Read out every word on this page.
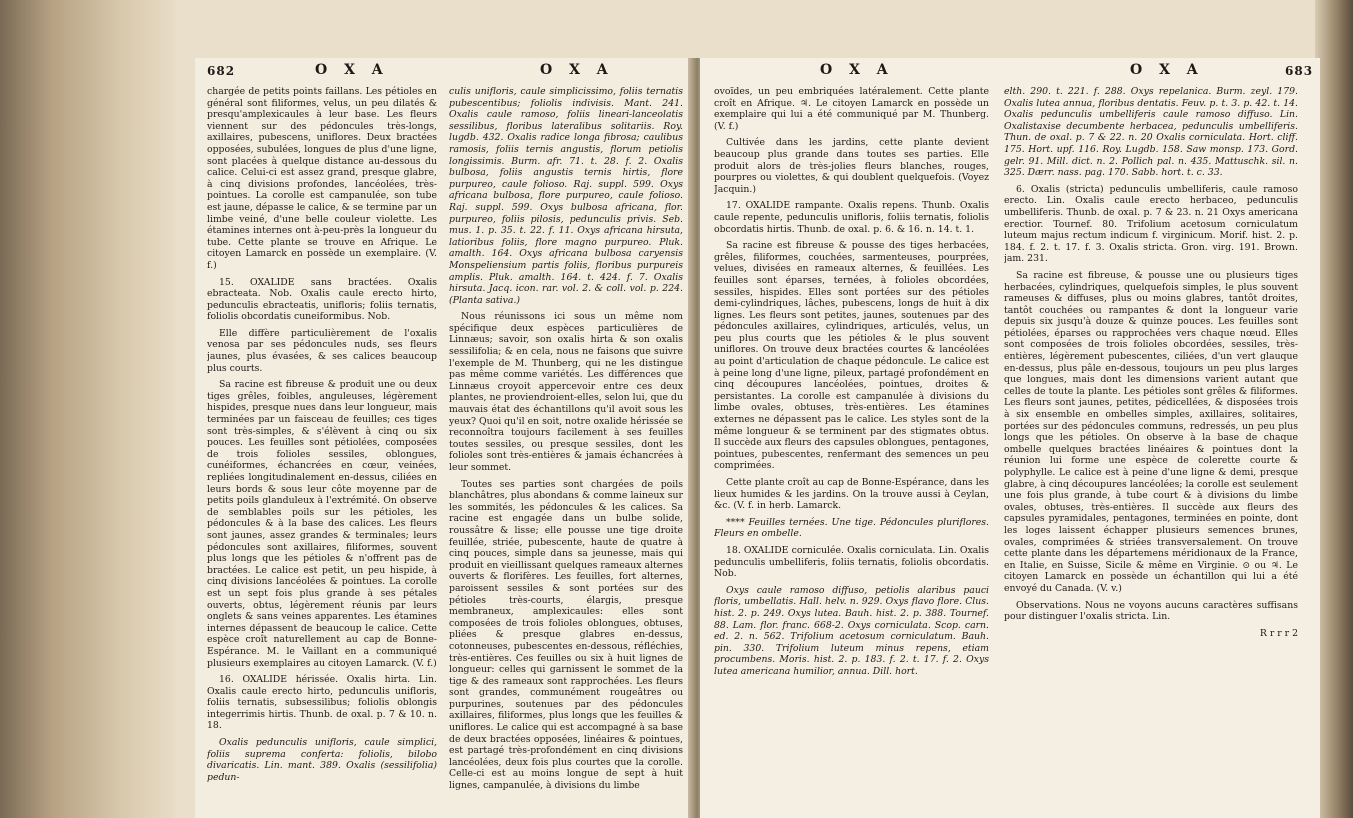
682	O X A	O X A

chargée de petits points faillans. Les pétioles en général sont filiformes, velus, un peu dilatés & presqu'amplexicaules à leur base. Les fleurs viennent sur des pédoncules très-longs, axillaires, pubescens, uniflores. Deux bractées opposées, subulées, longues de plus d'une ligne, sont placées à quelque distance au-dessous du calice. Celui-ci est assez grand, presque glabre, à cinq divisions profondes, lancéolées, très-pointues. La corolle est campanulée, son tube est jaune, dépasse le calice, & se termine par un limbe veiné, d'une belle couleur violette. Les étamines internes ont à-peu-près la longueur du tube. Cette plante se trouve en Afrique. Le citoyen Lamarck en possède un exemplaire. (V. f.)

15. OXALIDE sans bractées. Oxalis ebracteata. Nob. Oxalis caule erecto hirto, pedunculis ebracteatis, unifloris; foliis ternatis, foliolis obcordatis cuneiformibus. Nob.

Elle diffère particulièrement de l'oxalis venosa par ses pédoncules nuds, ses fleurs jaunes, plus évasées, & ses calices beaucoup plus courts.

Sa racine est fibreuse & produit une ou deux tiges grêles, foibles, anguleuses, légèrement hispides, presque nues dans leur longueur, mais terminées par un faisceau de feuilles; ces tiges sont très-simples, & s'élèvent à cinq ou six pouces. Les feuilles sont pétiolées, composées de trois folioles sessiles, oblongues, cunéiformes, échancrées en cœur, veinées, repliées longitudinalement en-dessus, ciliées en leurs bords & sous leur côte moyenne par de petits poils glanduleux à l'extrémité. On observe de semblables poils sur les pétioles, les pédoncules & à la base des calices. Les fleurs sont jaunes, assez grandes & terminales; leurs pédoncules sont axillaires, filiformes, souvent plus longs que les pétioles & n'offrent pas de bractées. Le calice est petit, un peu hispide, à cinq divisions lancéolées & pointues. La corolle est un sept fois plus grande à ses pétales ouverts, obtus, légèrement réunis par leurs onglets & sans veines apparentes. Les étamines internes dépassent de beaucoup le calice. Cette espèce croît naturellement au cap de Bonne-Espérance. M. le Vaillant en a communiqué plusieurs exemplaires au citoyen Lamarck. (V. f.)

16. OXALIDE hérissée. Oxalis hirta. Lin. Oxalis caule erecto hirto, pedunculis unifloris, foliis ternatis, subsessilibus; foliolis oblongis integerrimis hirtis. Thunb. de oxal. p. 7 & 10. n. 18.

Oxalis pedunculis unifloris, caule simplici, foliis suprema conferta: foliolis, bilobo divaricatis. Lin. mant. 389. Oxalis (sessilifolia) pedun-

culis unifloris, caule simplicissimo, foliis ternatis pubescentibus; foliolis indivisis. Mant. 241. Oxalis caule ramoso, foliis lineari-lanceolatis sessilibus, floribus lateralibus solitariis. Roy. lugdb. 432. Oxalis radice longa fibrosa; caulibus ramosis, foliis ternis angustis, florum petiolis longissimis. Burm. afr. 71. t. 28. f. 2. Oxalis bulbosa, foliis angustis ternis hirtis, flore purpureo, caule folioso. Raj. suppl. 599. Oxys africana bulbosa, flore purpureo, caule folioso. Raj. suppl. 599. Oxys bulbosa africana, flor. purpureo, foliis pilosis, pedunculis privis. Seb. mus. 1. p. 35. t. 22. f. 11. Oxys africana hirsuta, latioribus foliis, flore magno purpureo. Pluk. amalth. 164. Oxys africana bulbosa caryensis Monspeliensium partis foliis, floribus purpureis amplis. Pluk. amalth. 164. t. 424. f. 7. Oxalis hirsuta. Jacq. icon. rar. vol. 2. & coll. vol. p. 224. (Planta sativa.)

Nous réunissons ici sous un même nom spécifique deux espèces particulières de Linnæus; savoir, son oxalis hirta & son oxalis sessilifolia; & en cela, nous ne faisons que suivre l'exemple de M. Thunberg, qui ne les distingue pas même comme variétés. Les différences que Linnæus croyoit appercevoir entre ces deux plantes, ne proviendroient-elles, selon lui, que du mauvais état des échantillons qu'il avoit sous les yeux? Quoi qu'il en soit, notre oxalide hérissée se reconnoîtra toujours facilement à ses feuilles toutes sessiles, ou presque sessiles, dont les folioles sont très-entières & jamais échancrées à leur sommet.

Toutes ses parties sont chargées de poils blanchâtres, plus abondans & comme laineux sur les sommités, les pédoncules & les calices. Sa racine est engagée dans un bulbe solide, roussâtre & lisse; elle pousse une tige droite feuillée, striée, pubescente, haute de quatre à cinq pouces, simple dans sa jeunesse, mais qui produit en vieillissant quelques rameaux alternes ouverts & florifères. Les feuilles, fort alternes, paroissent sessiles & sont portées sur des pétioles très-courts, élargis, presque membraneux, amplexicaules: elles sont composées de trois folioles oblongues, obtuses, pliées & presque glabres en-dessus, cotonneuses, pubescentes en-dessous, réfléchies, très-entières. Ces feuilles ou six à huit lignes de longueur: celles qui garnissent le sommet de la tige & des rameaux sont rapprochées. Les fleurs sont grandes, communément rougeâtres ou purpurines, soutenues par des pédoncules axillaires, filiformes, plus longs que les feuilles & uniflores. Le calice qui est accompagné à sa base de deux bractées opposées, linéaires & pointues, est partagé très-profondément en cinq divisions lancéolées, deux fois plus courtes que la corolle. Celle-ci est au moins longue de sept à huit lignes, campanulée, à divisions du limbe

O X A	O X A	683

ovoïdes, un peu embriquées latéralement. Cette plante croît en Afrique. ♃. Le citoyen Lamarck en possède un exemplaire qui lui a été communiqué par M. Thunberg. (V. f.)

Cultivée dans les jardins, cette plante devient beaucoup plus grande dans toutes ses parties. Elle produit alors de très-jolies fleurs blanches, rouges, pourpres ou violettes, & qui doublent quelquefois. (Voyez Jacquin.)

17. OXALIDE rampante. Oxalis repens. Thunb. Oxalis caule repente, pedunculis unifloris, foliis ternatis, foliolis obcordatis hirtis. Thunb. de oxal. p. 6. & 16. n. 14. t. 1.

Sa racine est fibreuse & pousse des tiges herbacées, grêles, filiformes, couchées, sarmenteuses, pourprées, velues, divisées en rameaux alternes, & feuillées. Les feuilles sont éparses, ternées, à folioles obcordées, sessiles, hispides. Elles sont portées sur des pétioles demi-cylindriques, lâches, pubescens, longs de huit à dix lignes. Les fleurs sont petites, jaunes, soutenues par des pédoncules axillaires, cylindriques, articulés, velus, un peu plus courts que les pétioles & le plus souvent uniflores. On trouve deux bractées courtes & lancéolées au point d'articulation de chaque pédoncule. Le calice est à peine long d'une ligne, pileux, partagé profondément en cinq découpures lancéolées, pointues, droites & persistantes. La corolle est campanulée à divisions du limbe ovales, obtuses, très-entières. Les étamines externes ne dépassent pas le calice. Les styles sont de la même longueur & se terminent par des stigmates obtus. Il succède aux fleurs des capsules oblongues, pentagones, pointues, pubescentes, renfermant des semences un peu comprimées.

Cette plante croît au cap de Bonne-Espérance, dans les lieux humides & les jardins. On la trouve aussi à Ceylan, &c. (V. f. in herb. Lamarck.

**** Feuilles ternées. Une tige. Pédoncules pluriflores. Fleurs en ombelle.

18. OXALIDE corniculée. Oxalis corniculata. Lin. Oxalis pedunculis umbelliferis, foliis ternatis, foliolis obcordatis. Nob.

Oxys caule ramoso diffuso, petiolis alaribus pauci floris, umbellatis. Hall. helv. n. 929. Oxys flavo flore. Clus. hist. 2. p. 249. Oxys lutea. Bauh. hist. 2. p. 388. Tournef. 88. Lam. flor. franc. 668-2. Oxys corniculata. Scop. carn. ed. 2. n. 562. Trifolium acetosum corniculatum. Bauh. pin. 330. Trifolium luteum minus repens, etiam procumbens. Moris. hist. 2. p. 183. f. 2. t. 17. f. 2. Oxys lutea americana humilior, annua. Dill. hort.

elth. 290. t. 221. f. 288. Oxys repelanica. Burm. zeyl. 179. Oxalis lutea annua, floribus dentatis. Feuv. p. t. 3. p. 42. t. 14. Oxalis pedunculis umbelliferis caule ramoso diffuso. Lin. Oxalistaxise decumbente herbacea, pedunculis umbelliferis. Thun. de oxal. p. 7 & 22. n. 20 Oxalis corniculata. Hort. cliff. 175. Hort. upf. 116. Roy. Lugdb. 158. Saw monsp. 173. Gord. gelr. 91. Mill. dict. n. 2. Pollich pal. n. 435. Mattuschk. sil. n. 325. Dærr. nass. pag. 170. Sabb. hort. t. c. 33.

6. Oxalis (stricta) pedunculis umbelliferis, caule ramoso erecto. Lin. Oxalis caule erecto herbaceo, pedunculis umbelliferis. Thunb. de oxal. p. 7 & 23. n. 21 Oxys americana erectior. Tournef. 80. Trifolium acetosum corniculatum luteum majus rectum indicum f. virginicum. Morif. hist. 2. p. 184. f. 2. t. 17. f. 3. Oxalis stricta. Gron. virg. 191. Brown. jam. 231.

Sa racine est fibreuse, & pousse une ou plusieurs tiges herbacées, cylindriques, quelquefois simples, le plus souvent rameuses & diffuses, plus ou moins glabres, tantôt droites, tantôt couchées ou rampantes & dont la longueur varie depuis six jusqu'à douze & quinze pouces. Les feuilles sont pétiolées, éparses ou rapprochées vers chaque nœud. Elles sont composées de trois folioles obcordées, sessiles, très-entières, légèrement pubescentes, ciliées, d'un vert glauque en-dessus, plus pâle en-dessous, toujours un peu plus larges que longues, mais dont les dimensions varient autant que celles de toute la plante. Les pétioles sont grêles & filiformes. Les fleurs sont jaunes, petites, pédicellées, & disposées trois à six ensemble en ombelles simples, axillaires, solitaires, portées sur des pédoncules communs, redressés, un peu plus longs que les pétioles. On observe à la base de chaque ombelle quelques bractées linéaires & pointues dont la réunion lui forme une espèce de colerette courte & polyphylle. Le calice est à peine d'une ligne & demi, presque glabre, à cinq découpures lancéolées; la corolle est seulement une fois plus grande, à tube court & à divisions du limbe ovales, obtuses, très-entières. Il succède aux fleurs des capsules pyramidales, pentagones, terminées en pointe, dont les loges laissent échapper plusieurs semences brunes, ovales, comprimées & striées transversalement. On trouve cette plante dans les départemens méridionaux de la France, en Italie, en Suisse, Sicile & même en Virginie. ⊙ ou ♃. Le citoyen Lamarck en possède un échantillon qui lui a été envoyé du Canada. (V. v.)

Observations. Nous ne voyons aucuns caractères suffisans pour distinguer l'oxalis stricta. Lin.

R r r r 2
